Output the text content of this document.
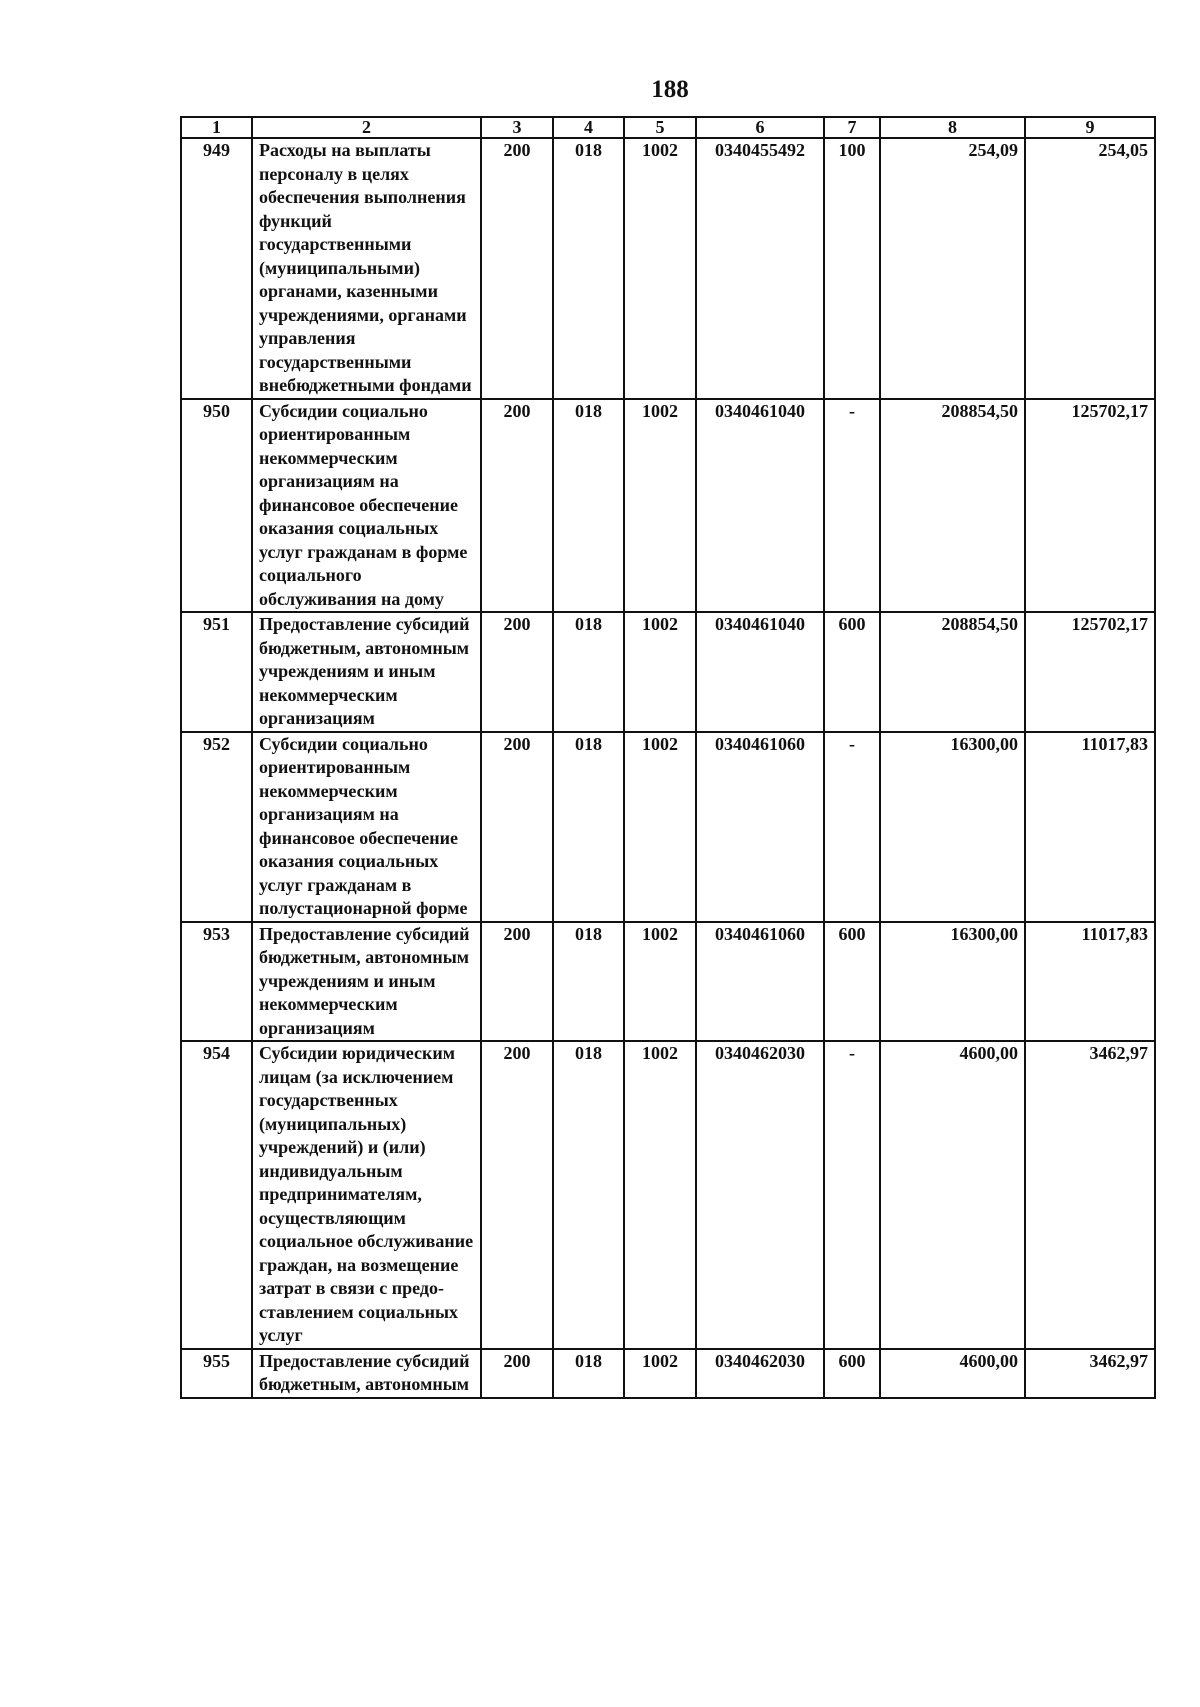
188
1	2	3	4	5	6	7	8	9
949	Расходы на выплаты персоналу в целях обеспечения выполнения функций государственными (муниципальными) органами, казенными учреждениями, органами управления государственными внебюджетными фондами	200	018	1002	0340455492	100	254,09	254,05
950	Субсидии социально ориентированным некоммерческим организациям на финансовое обеспечение оказания социальных услуг гражданам в форме социального обслуживания на дому	200	018	1002	0340461040	-	208854,50	125702,17
951	Предоставление субсидий бюджетным, автономным учреждениям и иным некоммерческим организациям	200	018	1002	0340461040	600	208854,50	125702,17
952	Субсидии социально ориентированным некоммерческим организациям на финансовое обеспечение оказания социальных услуг гражданам в полустационарной форме	200	018	1002	0340461060	-	16300,00	11017,83
953	Предоставление субсидий бюджетным, автономным учреждениям и иным некоммерческим организациям	200	018	1002	0340461060	600	16300,00	11017,83
954	Субсидии юридическим лицам (за исключением государственных (муниципальных) учреждений) и (или) индивидуальным предпринимателям, осуществляющим социальное обслуживание граждан, на возмещение затрат в связи с предо-ставлением социальных услуг	200	018	1002	0340462030	-	4600,00	3462,97
955	Предоставление субсидий бюджетным, автономным	200	018	1002	0340462030	600	4600,00	3462,97
